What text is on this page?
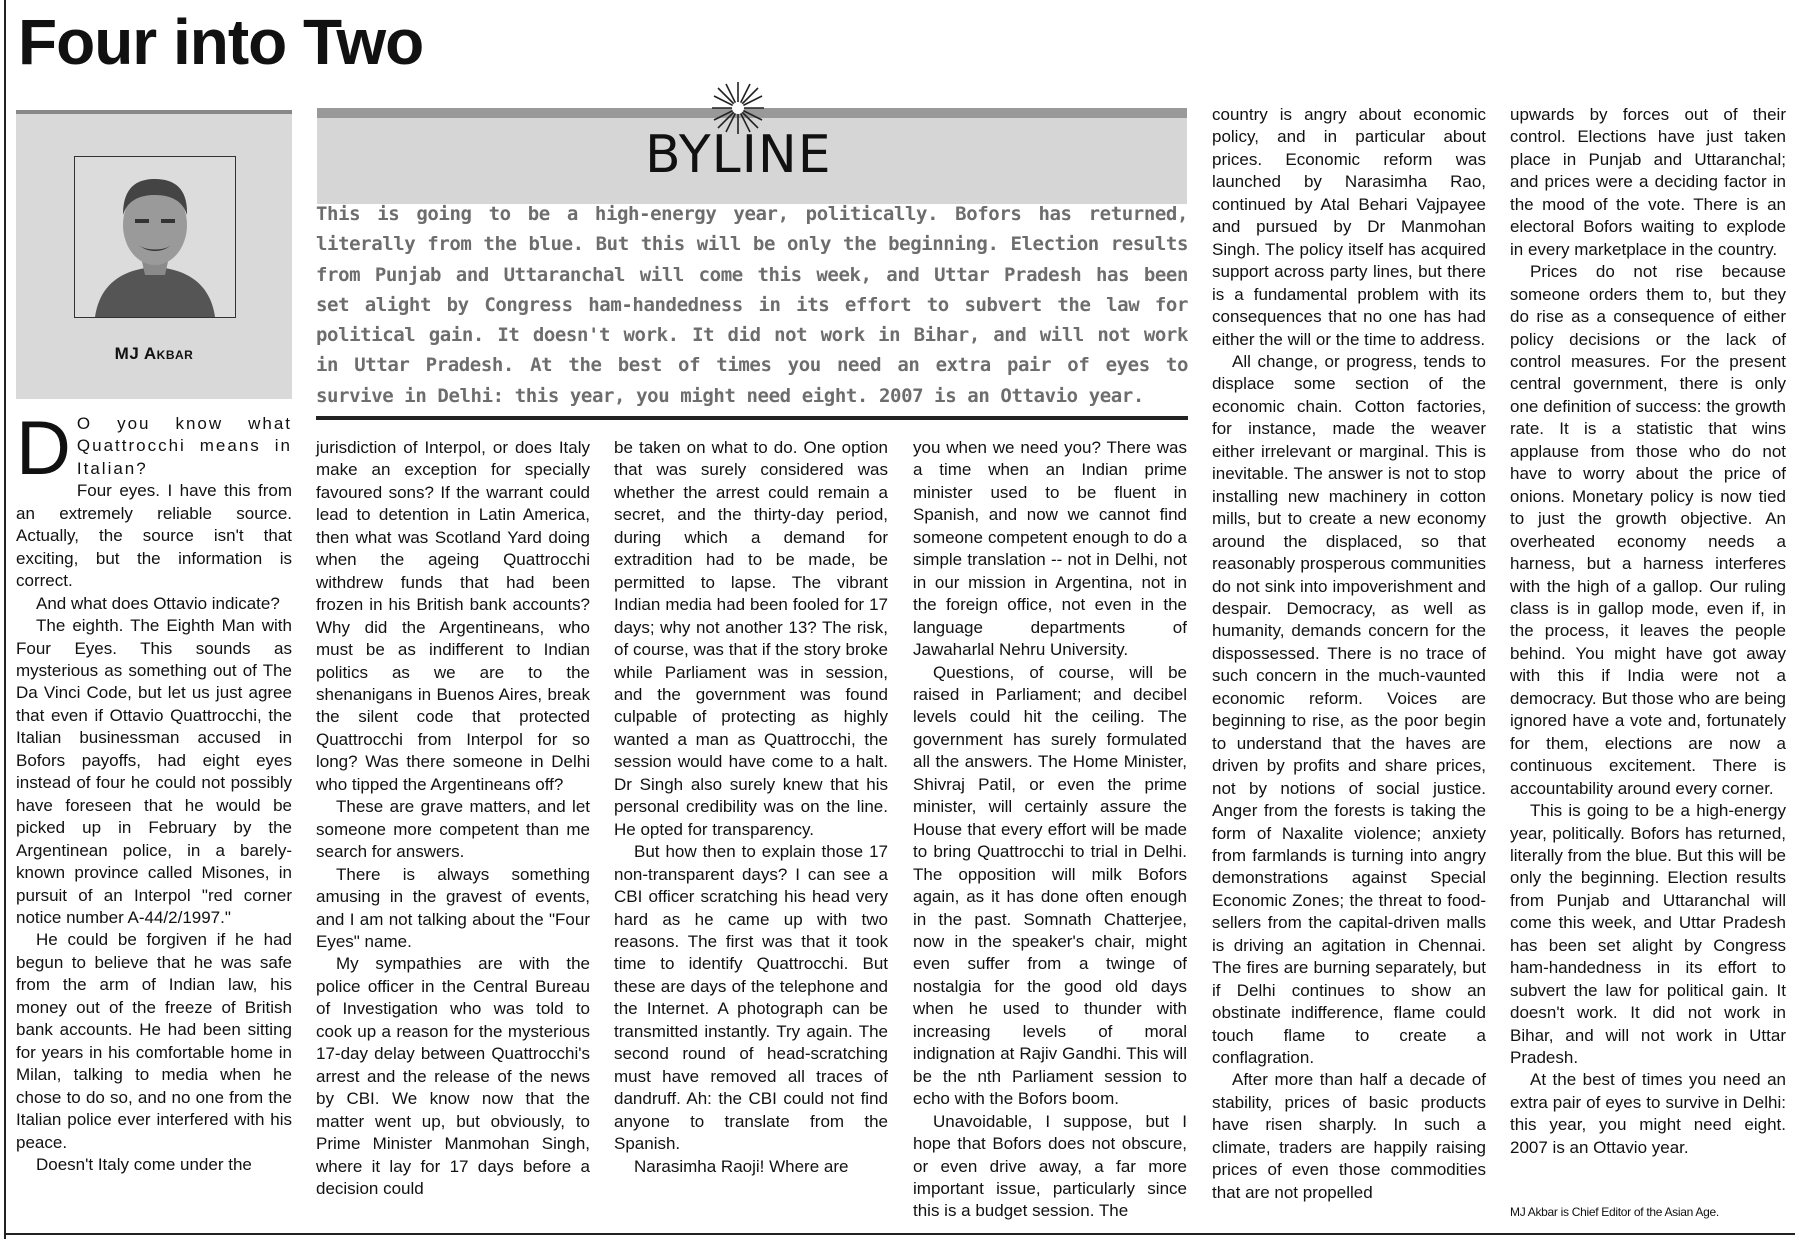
Four into Two
MJ Akbar
BYLINE
This is going to be a high-energy year, politically. Bofors has returned, literally from the blue. But this will be only the beginning. Election results from Punjab and Uttaranchal will come this week, and Uttar Pradesh has been set alight by Congress ham-handedness in its effort to subvert the law for political gain. It doesn't work. It did not work in Bihar, and will not work in Uttar Pradesh. At the best of times you need an extra pair of eyes to survive in Delhi: this year, you might need eight. 2007 is an Ottavio year.
D O you know what Quattrocchi means in Italian?

Four eyes. I have this from an extremely reliable source. Actually, the source isn't that exciting, but the information is correct.

And what does Ottavio indicate?

The eighth. The Eighth Man with Four Eyes. This sounds as mysterious as something out of The Da Vinci Code, but let us just agree that even if Ottavio Quattrocchi, the Italian businessman accused in Bofors payoffs, had eight eyes instead of four he could not possibly have foreseen that he would be picked up in February by the Argentinean police, in a barely-known province called Misones, in pursuit of an Interpol "red corner notice number A-44/2/1997."

He could be forgiven if he had begun to believe that he was safe from the arm of Indian law, his money out of the freeze of British bank accounts. He had been sitting for years in his comfortable home in Milan, talking to media when he chose to do so, and no one from the Italian police ever interfered with his peace.

Doesn't Italy come under the

jurisdiction of Interpol, or does Italy make an exception for specially favoured sons? If the warrant could lead to detention in Latin America, then what was Scotland Yard doing when the ageing Quattrocchi withdrew funds that had been frozen in his British bank accounts? Why did the Argentineans, who must be as indifferent to Indian politics as we are to the shenanigans in Buenos Aires, break the silent code that protected Quattrocchi from Interpol for so long? Was there someone in Delhi who tipped the Argentineans off?

These are grave matters, and let someone more competent than me search for answers.

There is always something amusing in the gravest of events, and I am not talking about the "Four Eyes" name.

My sympathies are with the police officer in the Central Bureau of Investigation who was told to cook up a reason for the mysterious 17-day delay between Quattrocchi's arrest and the release of the news by CBI. We know now that the matter went up, but obviously, to Prime Minister Manmohan Singh, where it lay for 17 days before a decision could

be taken on what to do. One option that was surely considered was whether the arrest could remain a secret, and the thirty-day period, during which a demand for extradition had to be made, be permitted to lapse. The vibrant Indian media had been fooled for 17 days; why not another 13? The risk, of course, was that if the story broke while Parliament was in session, and the government was found culpable of protecting as highly wanted a man as Quattrocchi, the session would have come to a halt. Dr Singh also surely knew that his personal credibility was on the line. He opted for transparency.

But how then to explain those 17 non-transparent days? I can see a CBI officer scratching his head very hard as he came up with two reasons. The first was that it took time to identify Quattrocchi. But these are days of the telephone and the Internet. A photograph can be transmitted instantly. Try again. The second round of head-scratching must have removed all traces of dandruff. Ah: the CBI could not find anyone to translate from the Spanish.

Narasimha Raoji! Where are

you when we need you? There was a time when an Indian prime minister used to be fluent in Spanish, and now we cannot find someone competent enough to do a simple translation -- not in Delhi, not in our mission in Argentina, not in the foreign office, not even in the language departments of Jawaharlal Nehru University.

Questions, of course, will be raised in Parliament; and decibel levels could hit the ceiling. The government has surely formulated all the answers. The Home Minister, Shivraj Patil, or even the prime minister, will certainly assure the House that every effort will be made to bring Quattrocchi to trial in Delhi. The opposition will milk Bofors again, as it has done often enough in the past. Somnath Chatterjee, now in the speaker's chair, might even suffer from a twinge of nostalgia for the good old days when he used to thunder with increasing levels of moral indignation at Rajiv Gandhi. This will be the nth Parliament session to echo with the Bofors boom.

Unavoidable, I suppose, but I hope that Bofors does not obscure, or even drive away, a far more important issue, particularly since this is a budget session. The

country is angry about economic policy, and in particular about prices. Economic reform was launched by Narasimha Rao, continued by Atal Behari Vajpayee and pursued by Dr Manmohan Singh. The policy itself has acquired support across party lines, but there is a fundamental problem with its consequences that no one has had either the will or the time to address.

All change, or progress, tends to displace some section of the economic chain. Cotton factories, for instance, made the weaver either irrelevant or marginal. This is inevitable. The answer is not to stop installing new machinery in cotton mills, but to create a new economy around the displaced, so that reasonably prosperous communities do not sink into impoverishment and despair. Democracy, as well as humanity, demands concern for the dispossessed. There is no trace of such concern in the much-vaunted economic reform. Voices are beginning to rise, as the poor begin to understand that the haves are driven by profits and share prices, not by notions of social justice. Anger from the forests is taking the form of Naxalite violence; anxiety from farmlands is turning into angry demonstrations against Special Economic Zones; the threat to food-sellers from the capital-driven malls is driving an agitation in Chennai. The fires are burning separately, but if Delhi continues to show an obstinate indifference, flame could touch flame to create a conflagration.

After more than half a decade of stability, prices of basic products have risen sharply. In such a climate, traders are happily raising prices of even those commodities that are not propelled

upwards by forces out of their control. Elections have just taken place in Punjab and Uttaranchal; and prices were a deciding factor in the mood of the vote. There is an electoral Bofors waiting to explode in every marketplace in the country.

Prices do not rise because someone orders them to, but they do rise as a consequence of either policy decisions or the lack of control measures. For the present central government, there is only one definition of success: the growth rate. It is a statistic that wins applause from those who do not have to worry about the price of onions. Monetary policy is now tied to just the growth objective. An overheated economy needs a harness, but a harness interferes with the high of a gallop. Our ruling class is in gallop mode, even if, in the process, it leaves the people behind. You might have got away with this if India were not a democracy. But those who are being ignored have a vote and, fortunately for them, elections are now a continuous excitement. There is accountability around every corner.

This is going to be a high-energy year, politically. Bofors has returned, literally from the blue. But this will be only the beginning. Election results from Punjab and Uttaranchal will come this week, and Uttar Pradesh has been set alight by Congress ham-handedness in its effort to subvert the law for political gain. It doesn't work. It did not work in Bihar, and will not work in Uttar Pradesh.

At the best of times you need an extra pair of eyes to survive in Delhi: this year, you might need eight. 2007 is an Ottavio year.

MJ Akbar is Chief Editor of the Asian Age.
